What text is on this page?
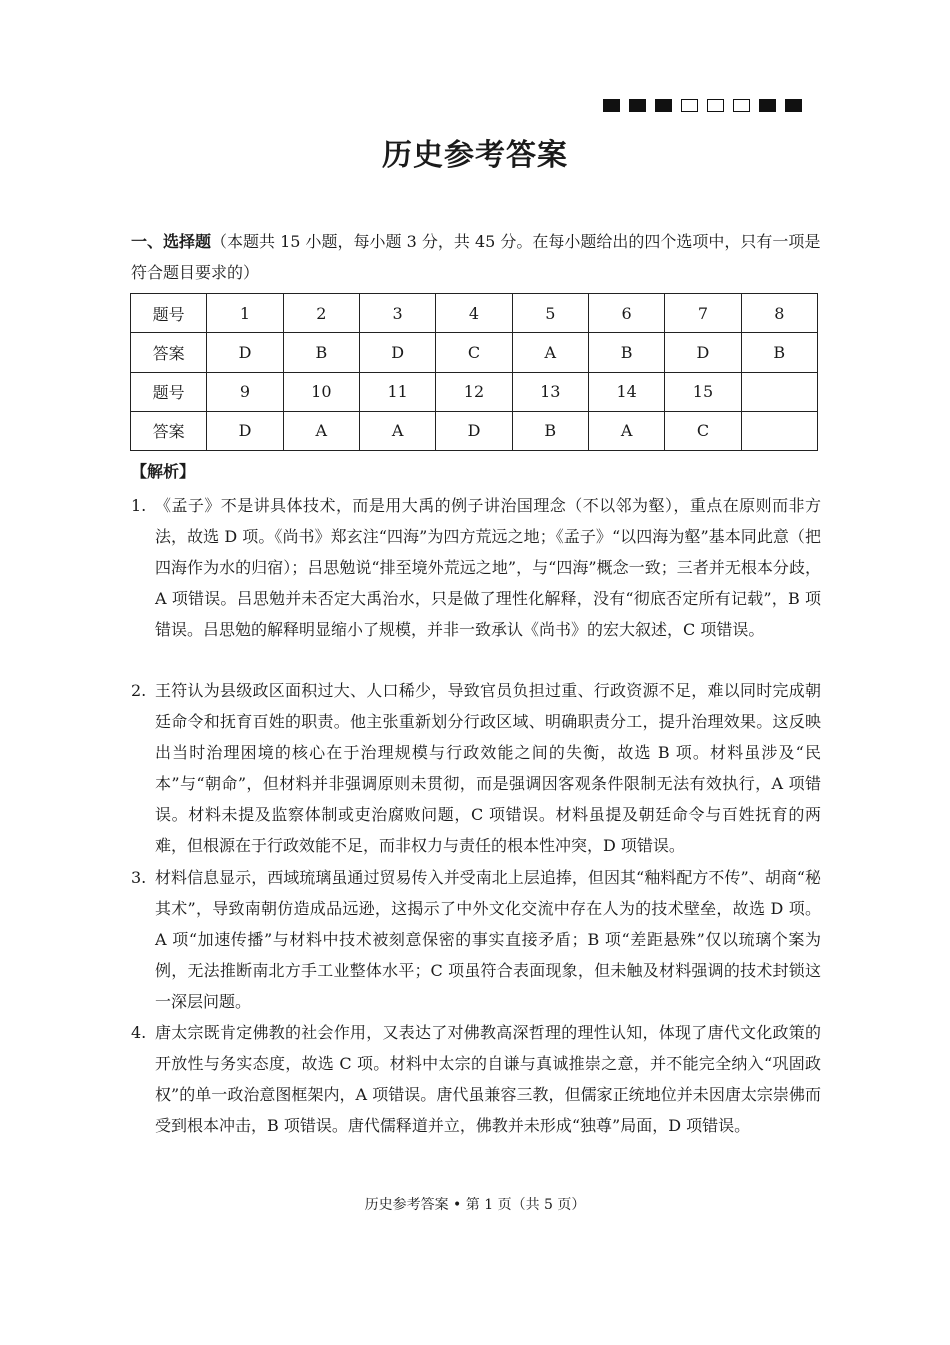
历史参考答案
一、选择题（本题共 15 小题，每小题 3 分，共 45 分。在每小题给出的四个选项中，只有一项是符合题目要求的）
题号	1	2	3	4	5	6	7	8
答案	D	B	D	C	A	B	D	B
题号	9	10	11	12	13	14	15	
答案	D	A	A	D	B	A	C	
【解析】
1. 《孟子》不是讲具体技术，而是用大禹的例子讲治国理念（不以邻为壑），重点在原则而非方法，故选 D 项。《尚书》郑玄注“四海”为四方荒远之地；《孟子》“以四海为壑”基本同此意（把四海作为水的归宿）；吕思勉说“排至境外荒远之地”，与“四海”概念一致；三者并无根本分歧，A 项错误。吕思勉并未否定大禹治水，只是做了理性化解释，没有“彻底否定所有记载”，B 项错误。吕思勉的解释明显缩小了规模，并非一致承认《尚书》的宏大叙述，C 项错误。
2. 王符认为县级政区面积过大、人口稀少，导致官员负担过重、行政资源不足，难以同时完成朝廷命令和抚育百姓的职责。他主张重新划分行政区域、明确职责分工，提升治理效果。这反映出当时治理困境的核心在于治理规模与行政效能之间的失衡，故选 B 项。材料虽涉及“民本”与“朝命”，但材料并非强调原则未贯彻，而是强调因客观条件限制无法有效执行，A 项错误。材料未提及监察体制或吏治腐败问题，C 项错误。材料虽提及朝廷命令与百姓抚育的两难，但根源在于行政效能不足，而非权力与责任的根本性冲突，D 项错误。
3. 材料信息显示，西域琉璃虽通过贸易传入并受南北上层追捧，但因其“釉料配方不传”、胡商“秘其术”，导致南朝仿造成品远逊，这揭示了中外文化交流中存在人为的技术壁垒，故选 D 项。A 项“加速传播”与材料中技术被刻意保密的事实直接矛盾；B 项“差距悬殊”仅以琉璃个案为例，无法推断南北方手工业整体水平；C 项虽符合表面现象，但未触及材料强调的技术封锁这一深层问题。
4. 唐太宗既肯定佛教的社会作用，又表达了对佛教高深哲理的理性认知，体现了唐代文化政策的开放性与务实态度，故选 C 项。材料中太宗的自谦与真诚推崇之意，并不能完全纳入“巩固政权”的单一政治意图框架内，A 项错误。唐代虽兼容三教，但儒家正统地位并未因唐太宗崇佛而受到根本冲击，B 项错误。唐代儒释道并立，佛教并未形成“独尊”局面，D 项错误。
历史参考答案 • 第 1 页（共 5 页）
